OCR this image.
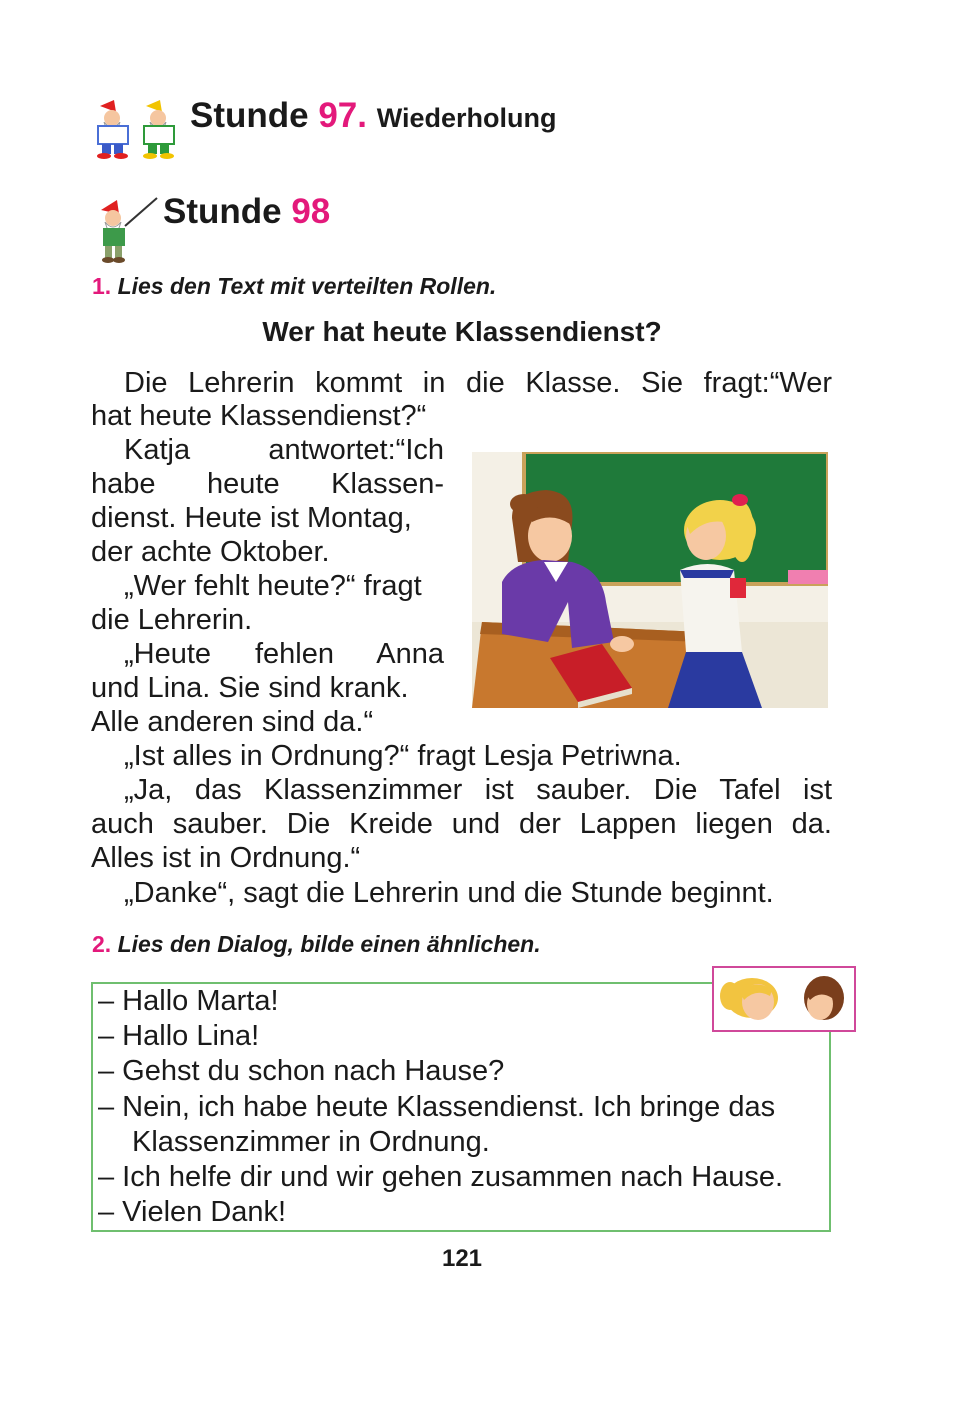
Stunde 97. Wiederholung
Stunde 98
1. Lies den Text mit verteilten Rollen.
Wer hat heute Klassendienst?
Die Lehrerin kommt in die Klasse. Sie fragt:“Wer
hat heute Klassendienst?“
Katja antwortet:“Ich
habe heute Klassen-
dienst. Heute ist Montag,
der achte Oktober.
„Wer fehlt heute?“ fragt
die Lehrerin.
„Heute fehlen Anna
und Lina. Sie sind krank.
Alle anderen sind da.“
„Ist alles in Ordnung?“ fragt Lesja Petriwna.
„Ja, das Klassenzimmer ist sauber. Die Tafel ist
auch sauber. Die Kreide und der Lappen liegen da.
Alles ist in Ordnung.“
„Danke“, sagt die Lehrerin und die Stunde beginnt.
2. Lies den Dialog, bilde einen ähnlichen.
– Hallo Marta!
– Hallo Lina!
– Gehst du schon nach Hause?
– Nein, ich habe heute Klassendienst. Ich bringe das
Klassenzimmer in Ordnung.
– Ich helfe dir und wir gehen zusammen nach Hause.
– Vielen Dank!
121
